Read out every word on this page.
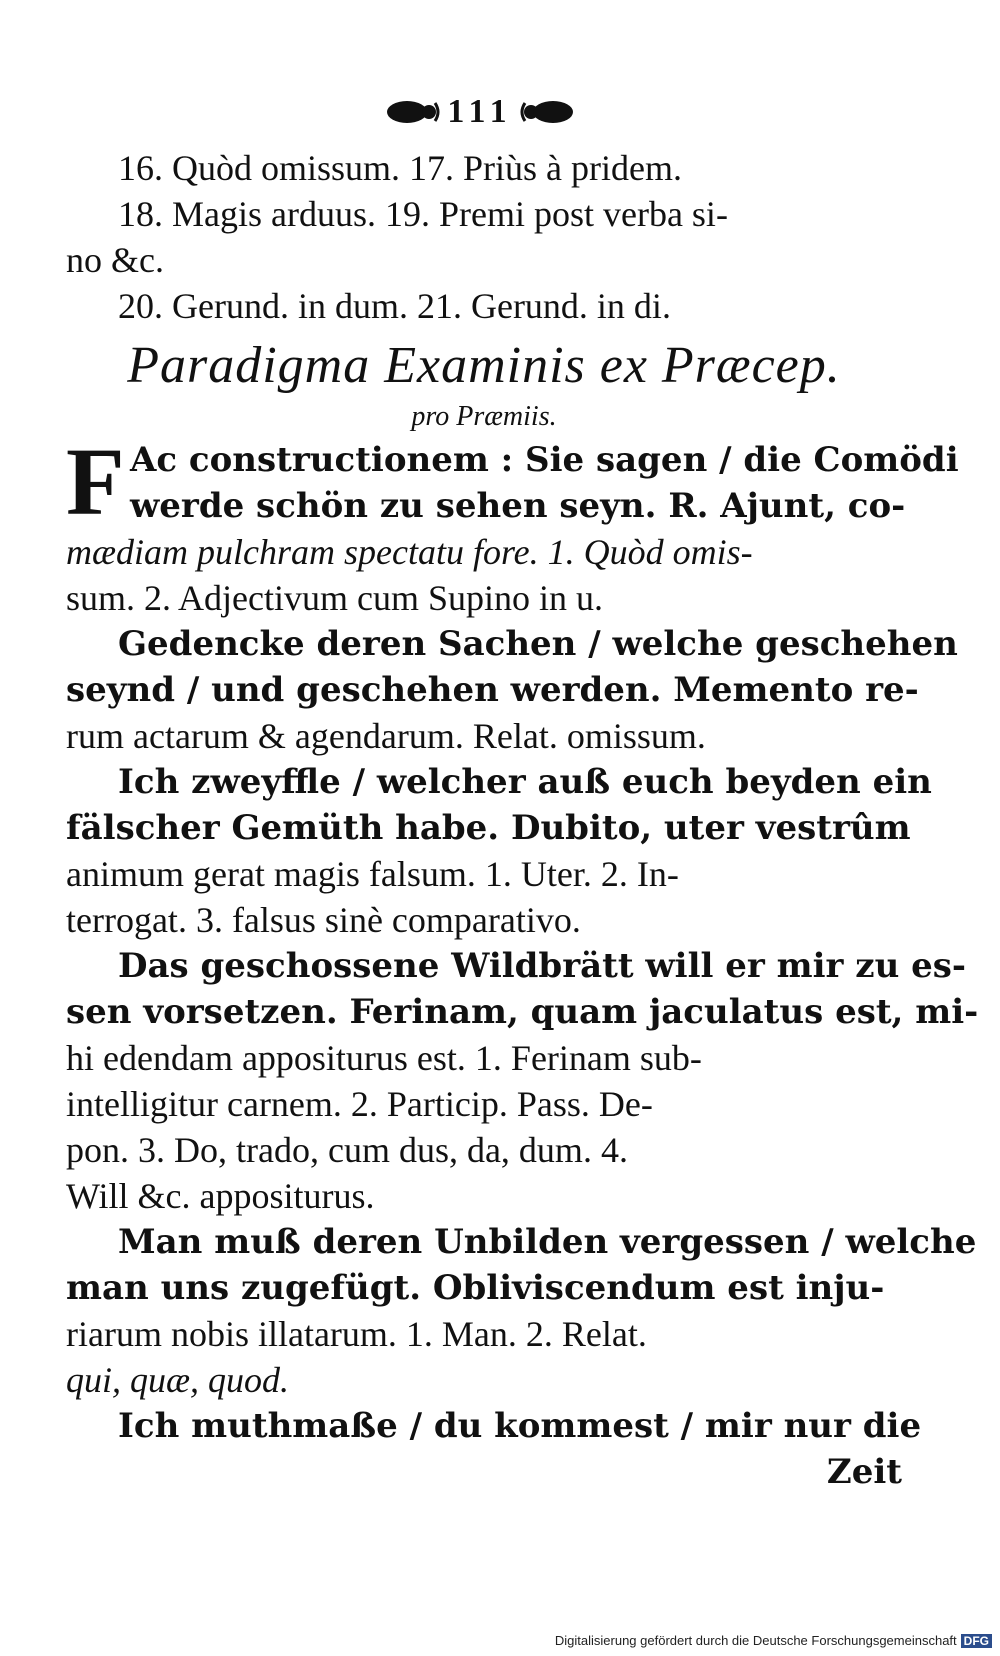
111
16. Quòd omissum. 17. Priùs à pridem.
18. Magis arduus. 19. Premi post verba si-
no &c.
20. Gerund. in dum. 21. Gerund. in di.
Paradigma Examinis ex Præcep.
pro Præmiis.
F Ac constructionem : Sie sagen / die Comödi
werde schön zu sehen seyn. R. Ajunt, co-
mædiam pulchram spectatu fore. 1. Quòd omis-
sum. 2. Adjectivum cum Supino in u.
Gedencke deren Sachen / welche geschehen
seynd / und geschehen werden. Memento re-
rum actarum & agendarum. Relat. omissum.
Ich zweyffle / welcher auß euch beyden ein
fälscher Gemüth habe. Dubito, uter vestrûm
animum gerat magis falsum. 1. Uter. 2. In-
terrogat. 3. falsus sinè comparativo.
Das geschossene Wildbrätt will er mir zu es-
sen vorsetzen. Ferinam, quam jaculatus est, mi-
hi edendam appositurus est. 1. Ferinam sub-
intelligitur carnem. 2. Particip. Pass. De-
pon. 3. Do, trado, cum dus, da, dum. 4.
Will &c. appositurus.
Man muß deren Unbilden vergessen / welche
man uns zugefügt. Obliviscendum est inju-
riarum nobis illatarum. 1. Man. 2. Relat.
qui, quæ, quod.
Ich muthmaße / du kommest / mir nur die
Zeit
Digitalisierung gefördert durch die Deutsche Forschungsgemeinschaft DFG
